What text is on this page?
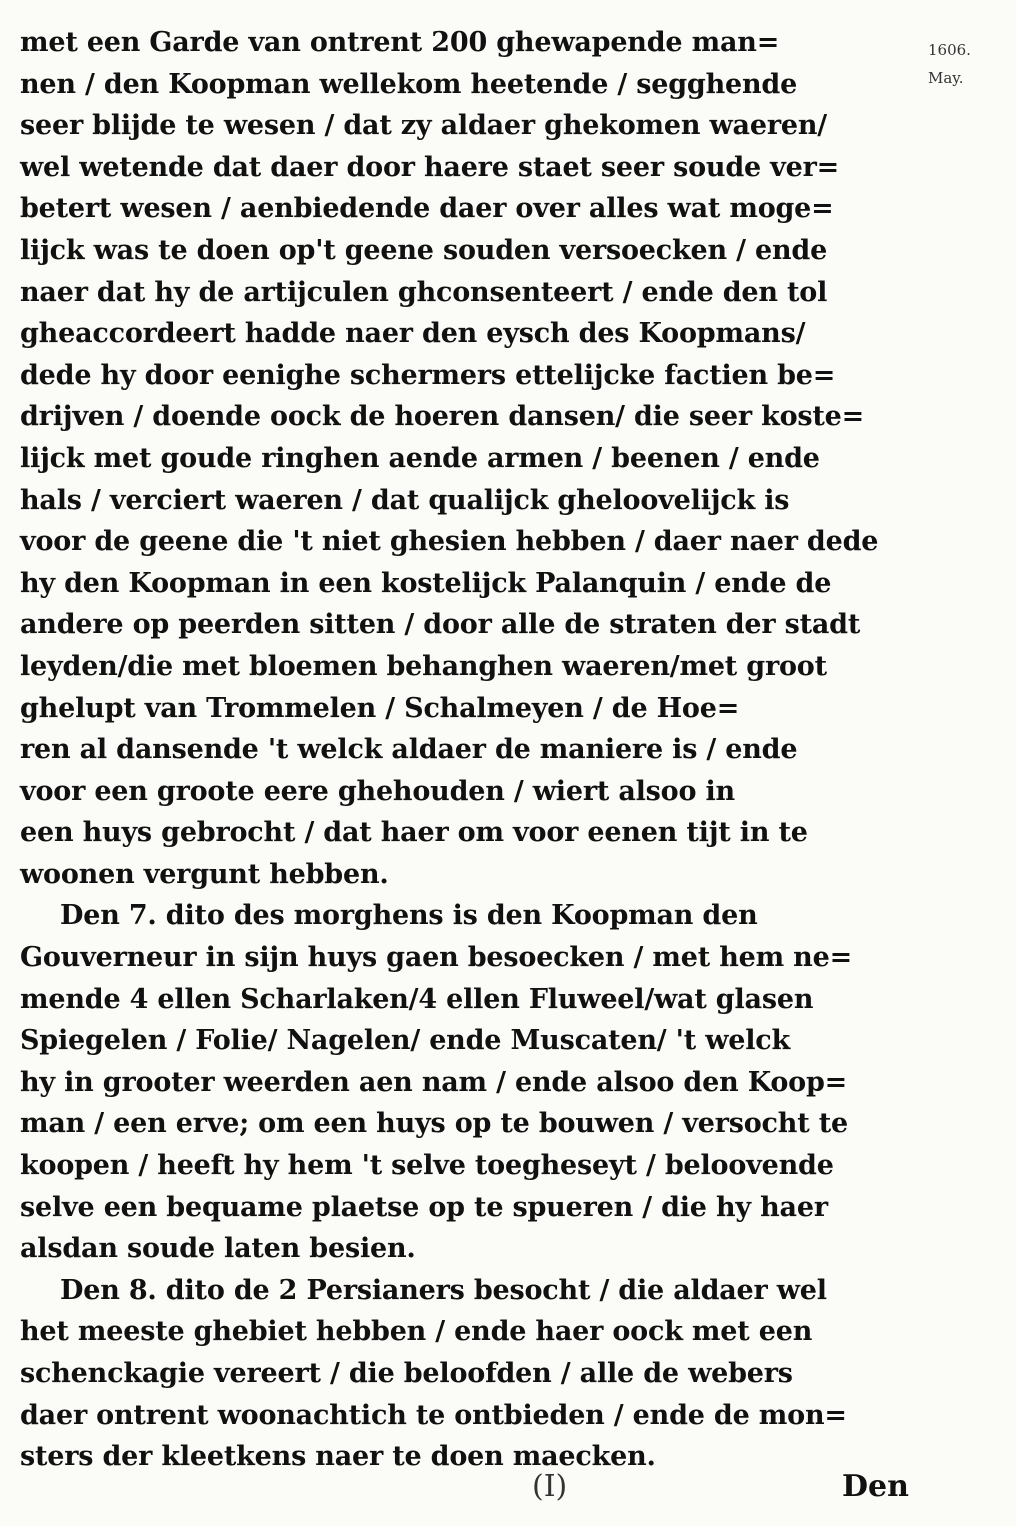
1606.
May.
met een Garde van ontrent 200 ghewapende man=
nen / den Koopman wellekom heetende / segghende
seer blijde te wesen / dat zy aldaer ghekomen waeren/
wel wetende dat daer door haere staet seer soude ver=
betert wesen / aenbiedende daer over alles wat moge=
lijck was te doen op't geene souden versoecken / ende
naer dat hy de artijculen ghconsenteert / ende den tol
gheaccordeert hadde naer den eysch des Koopmans/
dede hy door eenighe schermers ettelijcke factien be=
drijven / doende oock de hoeren dansen/ die seer koste=
lijck met goude ringhen aende armen / beenen / ende
hals / verciert waeren / dat qualijck gheloovelijck is
voor de geene die 't niet ghesien hebben / daer naer dede
hy den Koopman in een kostelijck Palanquin / ende de
andere op peerden sitten / door alle de straten der stadt
leyden/die met bloemen behanghen waeren/met groot
ghelupt van Trommelen / Schalmeyen / de Hoe=
ren al dansende 't welck aldaer de maniere is / ende
voor een groote eere ghehouden / wiert alsoo in
een huys gebrocht / dat haer om voor eenen tijt in te
woonen vergunt hebben.
Den 7. dito des morghens is den Koopman den
Gouverneur in sijn huys gaen besoecken / met hem ne=
mende 4 ellen Scharlaken/4 ellen Fluweel/wat glasen
Spiegelen / Folie/ Nagelen/ ende Muscaten/ 't welck
hy in grooter weerden aen nam / ende alsoo den Koop=
man / een erve; om een huys op te bouwen / versocht te
koopen / heeft hy hem 't selve toegheseyt / beloovende
selve een bequame plaetse op te spueren / die hy haer
alsdan soude laten besien.
Den 8. dito de 2 Persianers besocht / die aldaer wel
het meeste ghebiet hebben / ende haer oock met een
schenckagie vereert / die beloofden / alle de webers
daer ontrent woonachtich te ontbieden / ende de mon=
sters der kleetkens naer te doen maecken.
(I)	Den
